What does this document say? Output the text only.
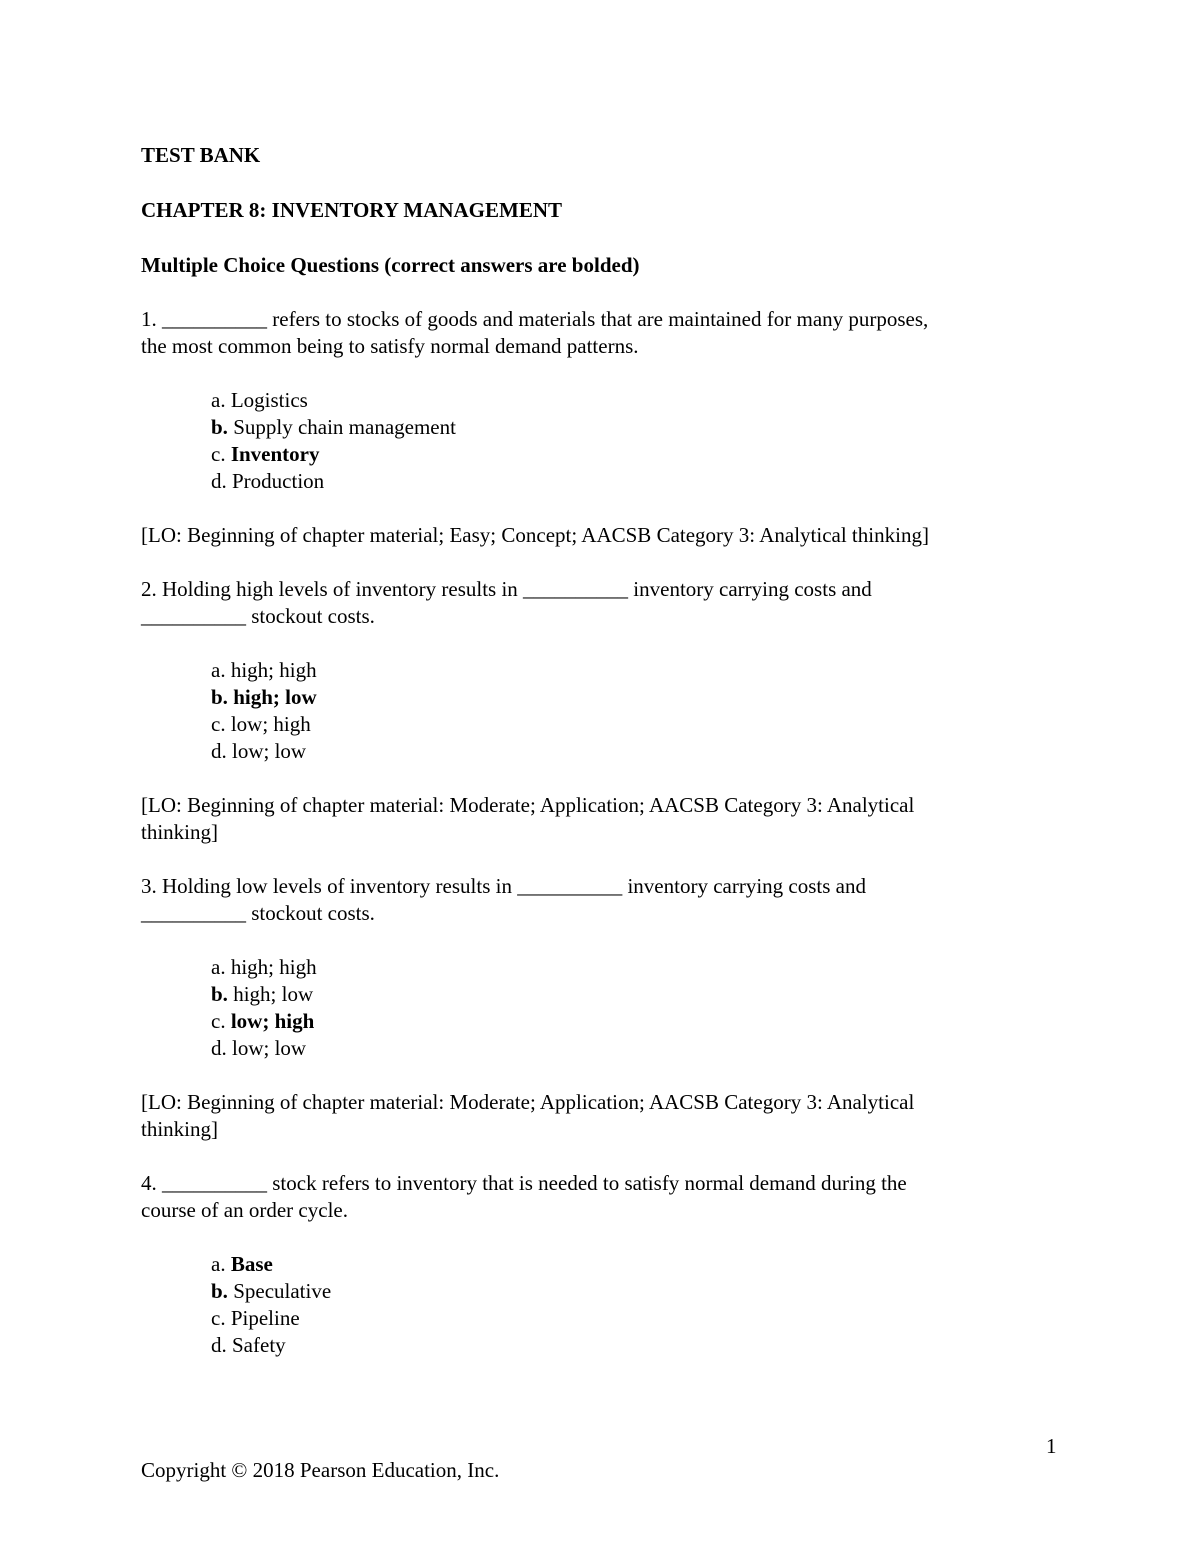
TEST BANK
CHAPTER 8: INVENTORY MANAGEMENT
Multiple Choice Questions (correct answers are bolded)
1. __________ refers to stocks of goods and materials that are maintained for many purposes,
the most common being to satisfy normal demand patterns.
a. Logistics
b. Supply chain management
c. Inventory
d. Production
[LO: Beginning of chapter material; Easy; Concept; AACSB Category 3: Analytical thinking]
2. Holding high levels of inventory results in __________ inventory carrying costs and
__________ stockout costs.
a. high; high
b. high; low
c. low; high
d. low; low
[LO: Beginning of chapter material: Moderate; Application; AACSB Category 3: Analytical
thinking]
3. Holding low levels of inventory results in __________ inventory carrying costs and
__________ stockout costs.
a. high; high
b. high; low
c. low; high
d. low; low
[LO: Beginning of chapter material: Moderate; Application; AACSB Category 3: Analytical
thinking]
4. __________ stock refers to inventory that is needed to satisfy normal demand during the
course of an order cycle.
a. Base
b. Speculative
c. Pipeline
d. Safety
1
Copyright © 2018 Pearson Education, Inc.
